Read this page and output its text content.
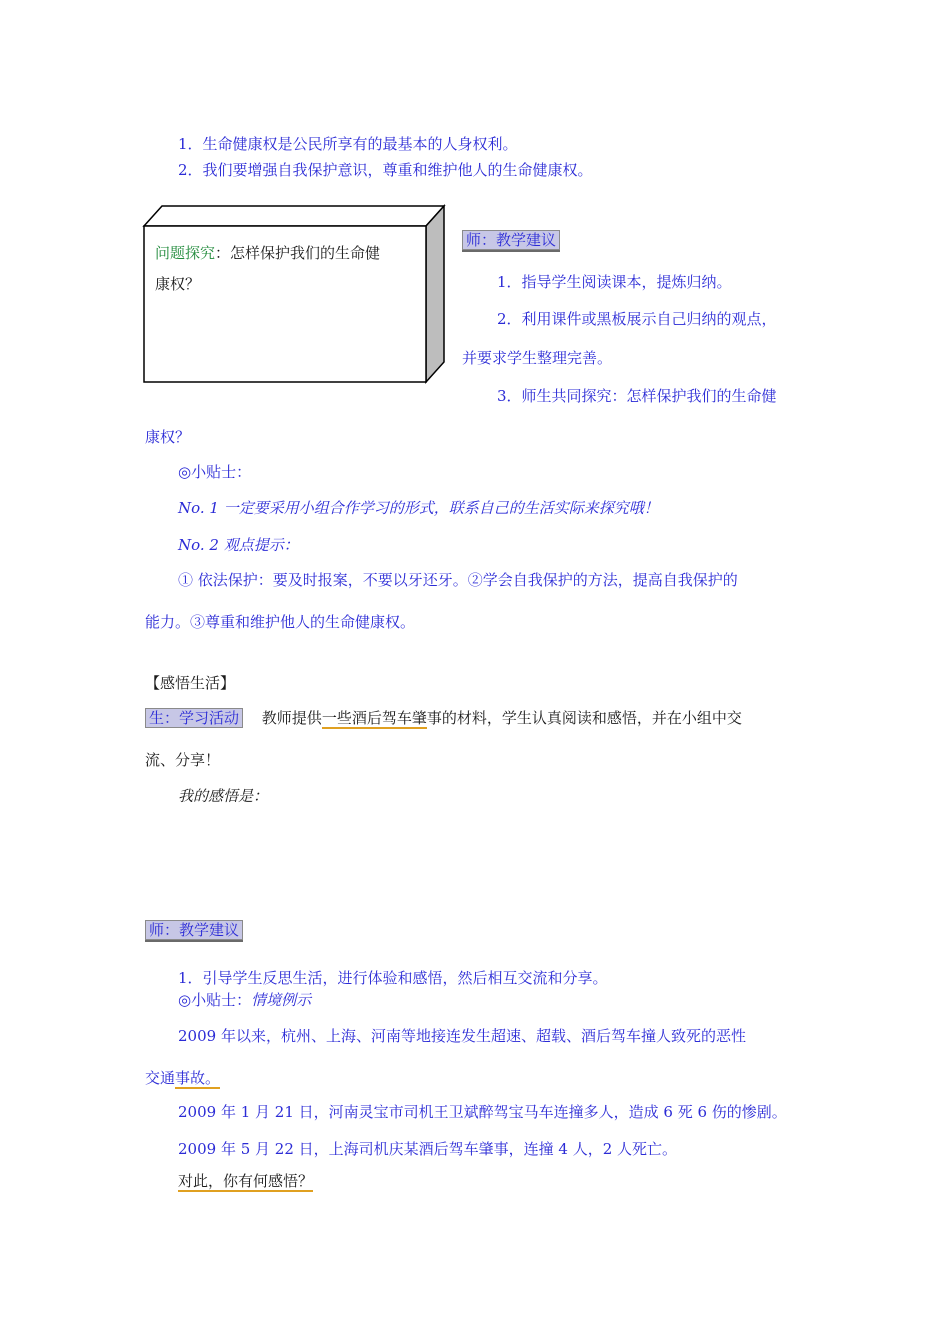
1．生命健康权是公民所享有的最基本的人身权利。
2．我们要增强自我保护意识，尊重和维护他人的生命健康权。
问题探究：怎样保护我们的生命健
康权？
师：教学建议
1．指导学生阅读课本，提炼归纳。
2．利用课件或黑板展示自己归纳的观点，
并要求学生整理完善。
3．师生共同探究：怎样保护我们的生命健
康权？
◎小贴士：
No. 1 一定要采用小组合作学习的形式，联系自己的生活实际来探究哦！
No. 2 观点提示：
① 依法保护：要及时报案，不要以牙还牙。②学会自我保护的方法，提高自我保护的
能力。③尊重和维护他人的生命健康权。
【感悟生活】
生：学习活动 教师提供一些酒后驾车肇事的材料，学生认真阅读和感悟，并在小组中交
流、分享！
我的感悟是：
师：教学建议
1．引导学生反思生活，进行体验和感悟，然后相互交流和分享。
◎小贴士：情境例示
2009 年以来，杭州、上海、河南等地接连发生超速、超载、酒后驾车撞人致死的恶性
交通事故。
2009 年 1 月 21 日，河南灵宝市司机王卫斌醉驾宝马车连撞多人，造成 6 死 6 伤的惨剧。
2009 年 5 月 22 日，上海司机庆某酒后驾车肇事，连撞 4 人，2 人死亡。
对此，你有何感悟？
